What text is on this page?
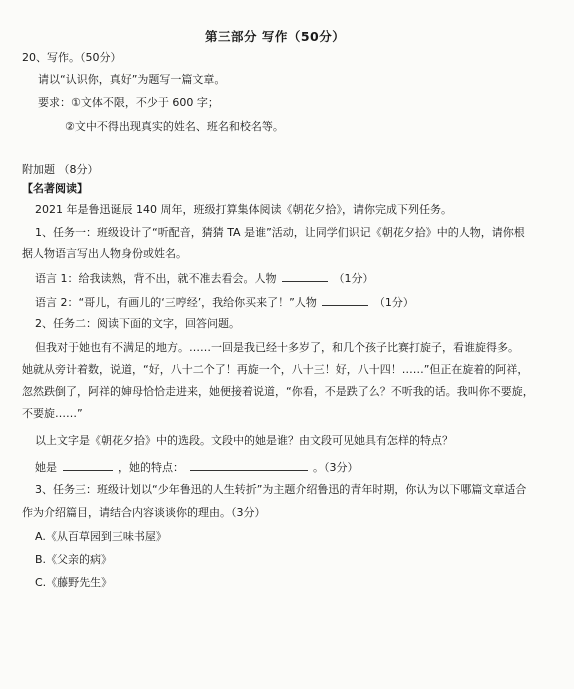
第三部分 写作（50分）
20、写作。（50分）
请以“认识你，真好”为题写一篇文章。
要求：①文体不限，不少于 600 字；
②文中不得出现真实的姓名、班名和校名等。
附加题 （8分）
【名著阅读】
2021 年是鲁迅诞辰 140 周年，班级打算集体阅读《朝花夕拾》，请你完成下列任务。
1、任务一：班级设计了“听配音，猜猜 TA 是谁”活动，让同学们识记《朝花夕拾》中的人物，请你根
据人物语言写出人物身份或姓名。
语言 1：给我读熟，背不出，就不准去看会。人物	（1分）
语言 2：“哥儿，有画儿的‘三哼经’，我给你买来了！”人物	（1分）
2、任务二：阅读下面的文字，回答问题。
但我对于她也有不满足的地方。……一回是我已经十多岁了，和几个孩子比赛打旋子，看谁旋得多。
她就从旁计着数，说道，“好，八十二个了！再旋一个，八十三！好，八十四！……”但正在旋着的阿祥，
忽然跌倒了，阿祥的婶母恰恰走进来，她便接着说道，“你看，不是跌了么？不听我的话。我叫你不要旋，
不要旋……”
以上文字是《朝花夕拾》中的选段。文段中的她是谁？由文段可见她具有怎样的特点？
她是	，她的特点：	。（3分）
3、任务三：班级计划以“少年鲁迅的人生转折”为主题介绍鲁迅的青年时期，你认为以下哪篇文章适合
作为介绍篇目，请结合内容谈谈你的理由。（3分）
A.《从百草园到三味书屋》
B.《父亲的病》
C.《藤野先生》
